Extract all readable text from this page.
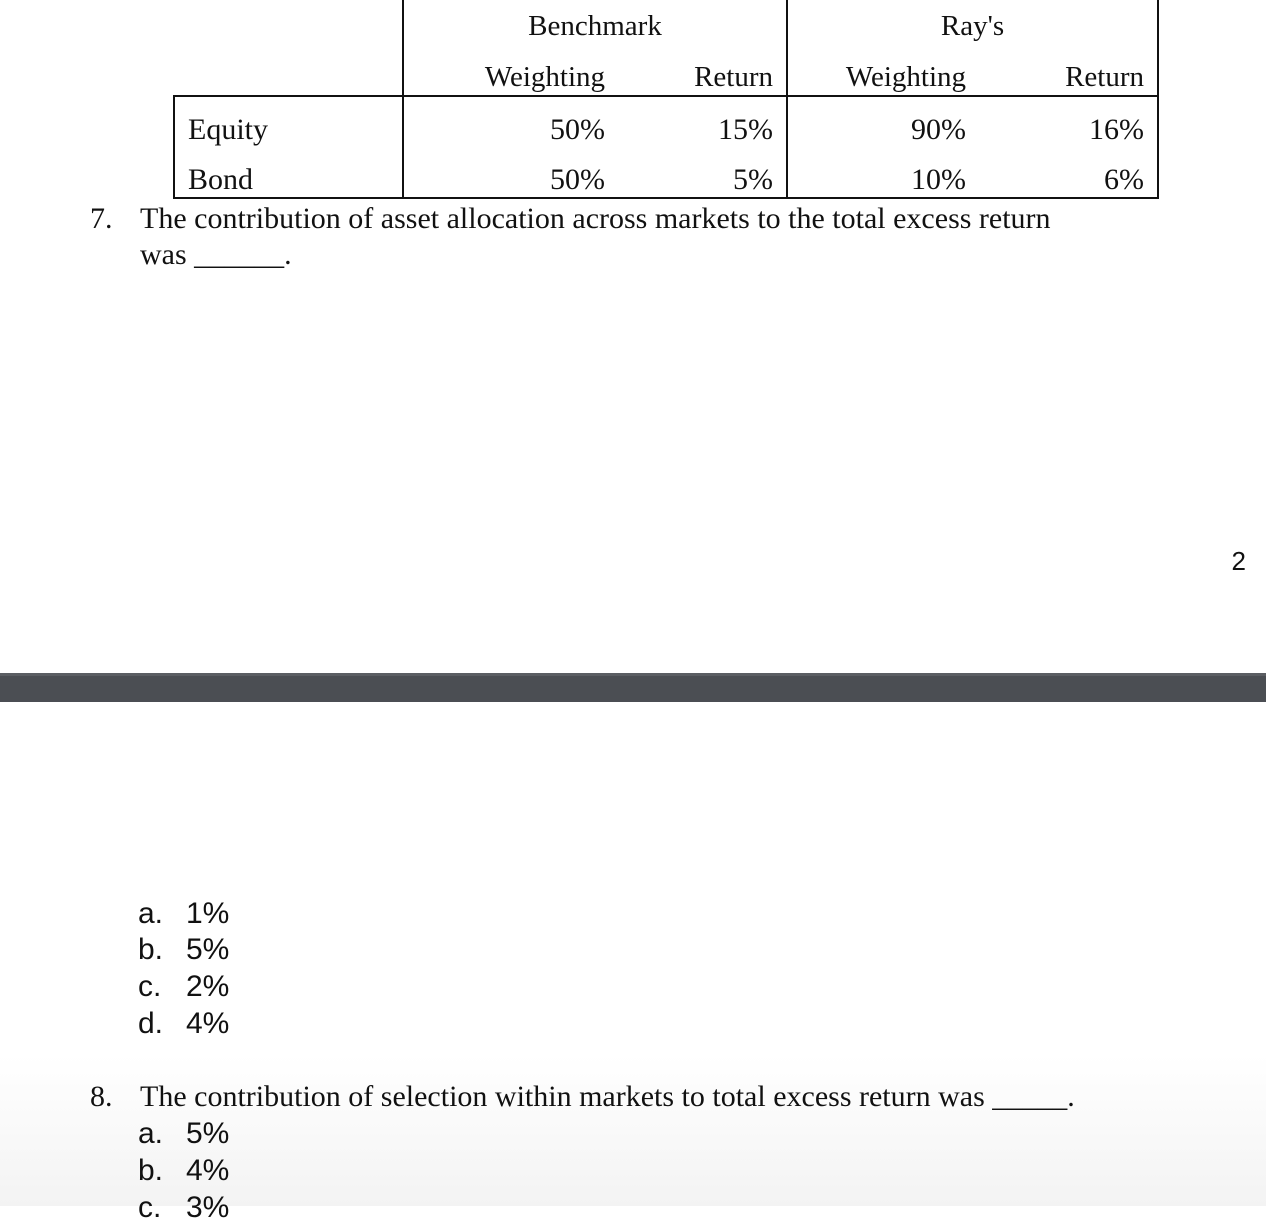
Benchmark	Ray's
Weighting	Return	Weighting	Return
Equity	50%	15%	90%	16%
Bond	50%	5%	10%	6%
7. The contribution of asset allocation across markets to the total excess return
was ______.
2
a. 1%
b. 5%
c. 2%
d. 4%
8. The contribution of selection within markets to total excess return was _____.
a. 5%
b. 4%
c. 3%
